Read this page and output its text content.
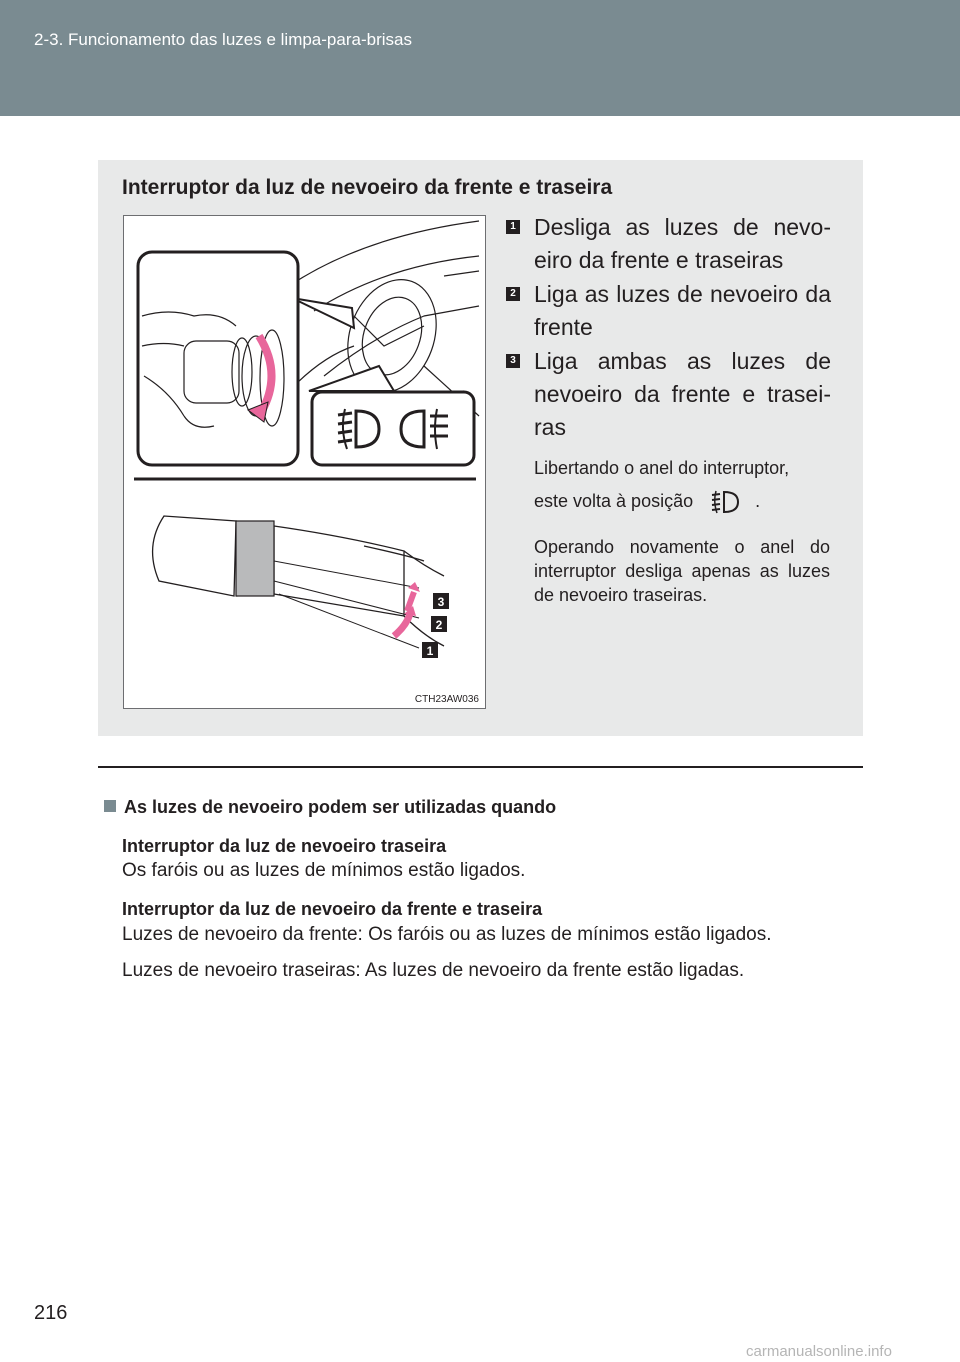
2-3. Funcionamento das luzes e limpa-para-brisas
Interruptor da luz de nevoeiro da frente e traseira
3
2
1
CTH23AW036
1 Desliga as luzes de nevo-eiro da frente e traseiras
2 Liga as luzes de nevoeiro da frente
3 Liga ambas as luzes de nevoeiro da frente e trasei-ras
Libertando o anel do interruptor,
este volta à posição	.
Operando novamente o anel do interruptor desliga apenas as luzes de nevoeiro traseiras.
As luzes de nevoeiro podem ser utilizadas quando
Interruptor da luz de nevoeiro traseira
Os faróis ou as luzes de mínimos estão ligados.
Interruptor da luz de nevoeiro da frente e traseira
Luzes de nevoeiro da frente: Os faróis ou as luzes de mínimos estão ligados.
Luzes de nevoeiro traseiras: As luzes de nevoeiro da frente estão ligadas.
216
carmanualsonline.info
